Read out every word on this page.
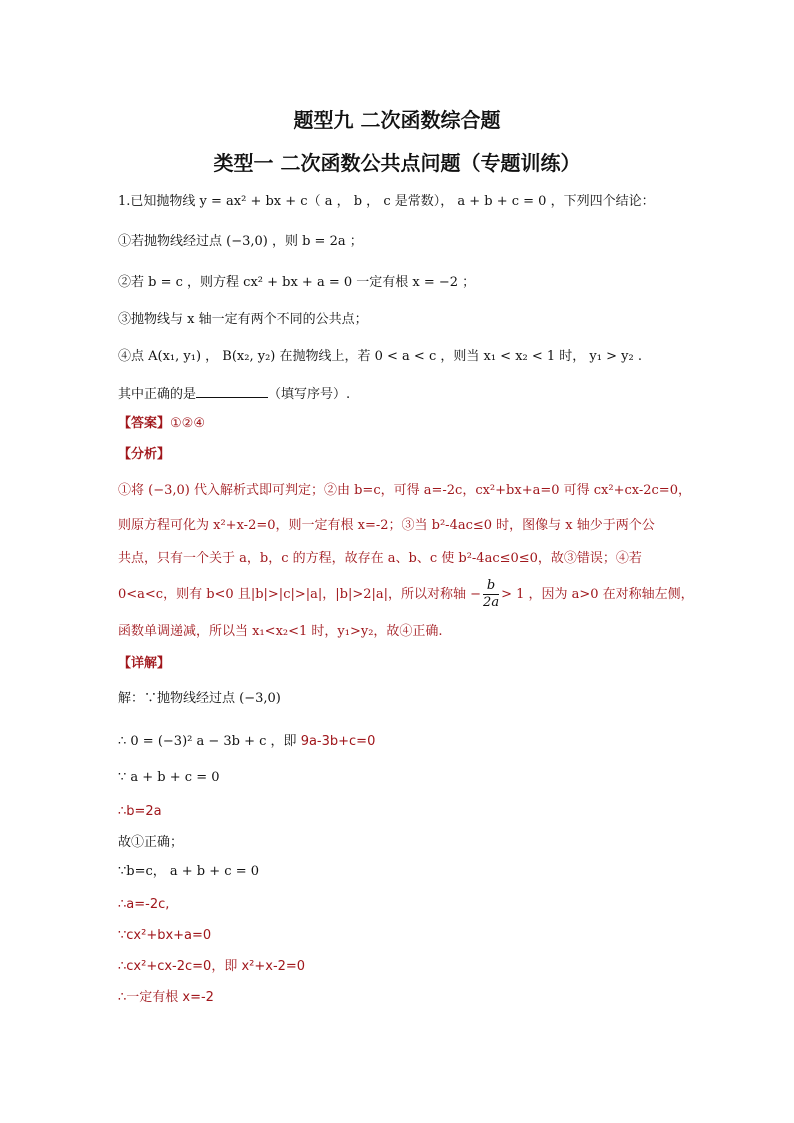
题型九 二次函数综合题
类型一 二次函数公共点问题（专题训练）
1.已知抛物线 y = ax² + bx + c（ a ， b ， c 是常数）， a + b + c = 0 ，下列四个结论：
①若抛物线经过点 (−3,0) ，则 b = 2a ；
②若 b = c ，则方程 cx² + bx + a = 0 一定有根 x = −2 ；
③抛物线与 x 轴一定有两个不同的公共点；
④点 A(x₁, y₁) ， B(x₂, y₂) 在抛物线上，若 0 < a < c ，则当 x₁ < x₂ < 1 时， y₁ > y₂ .
其中正确的是	（填写序号）.
【答案】①②④
【分析】
①将 (−3,0) 代入解析式即可判定；②由 b=c，可得 a=-2c，cx²+bx+a=0 可得 cx²+cx-2c=0，
则原方程可化为 x²+x-2=0，则一定有根 x=-2；③当 b²-4ac≤0 时，图像与 x 轴少于两个公
共点，只有一个关于 a，b，c 的方程，故存在 a、b、c 使 b²-4ac≤0≤0，故③错误；④若
0<a<c，则有 b<0 且|b|>|c|>|a|，|b|>2|a|，所以对称轴 − $\frac{b}{2a} > 1$ ，因为 a>0 在对称轴左侧，
函数单调递减，所以当 x₁<x₂<1 时，y₁>y₂，故④正确.
【详解】
解：∵抛物线经过点 (−3,0)
∴ 0 = (−3)² a − 3b + c ，即 9a-3b+c=0
∵ a + b + c = 0
∴b=2a
故①正确；
∵b=c， a + b + c = 0
∴a=-2c,
∵cx²+bx+a=0
∴cx²+cx-2c=0，即 x²+x-2=0
∴一定有根 x=-2
